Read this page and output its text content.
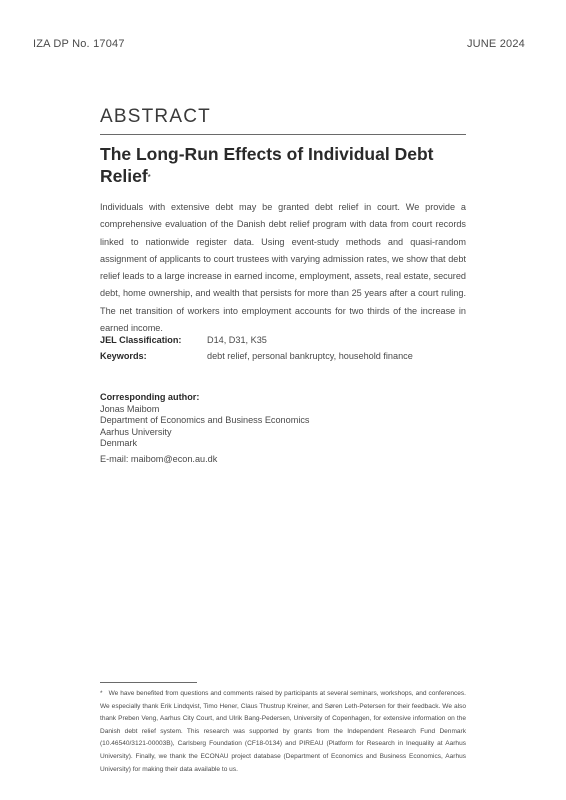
IZA DP No. 17047	JUNE 2024
ABSTRACT
The Long-Run Effects of Individual Debt Relief*
Individuals with extensive debt may be granted debt relief in court. We provide a comprehensive evaluation of the Danish debt relief program with data from court records linked to nationwide register data. Using event-study methods and quasi-random assignment of applicants to court trustees with varying admission rates, we show that debt relief leads to a large increase in earned income, employment, assets, real estate, secured debt, home ownership, and wealth that persists for more than 25 years after a court ruling. The net transition of workers into employment accounts for two thirds of the increase in earned income.
JEL Classification:	D14, D31, K35
Keywords:	debt relief, personal bankruptcy, household finance
Corresponding author:
Jonas Maibom
Department of Economics and Business Economics
Aarhus University
Denmark
E-mail: maibom@econ.au.dk
* We have benefited from questions and comments raised by participants at several seminars, workshops, and conferences. We especially thank Erik Lindqvist, Timo Hener, Claus Thustrup Kreiner, and Søren Leth-Petersen for their feedback. We also thank Preben Veng, Aarhus City Court, and Ulrik Bang-Pedersen, University of Copenhagen, for extensive information on the Danish debt relief system. This research was supported by grants from the Independent Research Fund Denmark (10.46540/3121-00003B), Carlsberg Foundation (CF18-0134) and PIREAU (Platform for Research in Inequality at Aarhus University). Finally, we thank the ECONAU project database (Department of Economics and Business Economics, Aarhus University) for making their data available to us.
